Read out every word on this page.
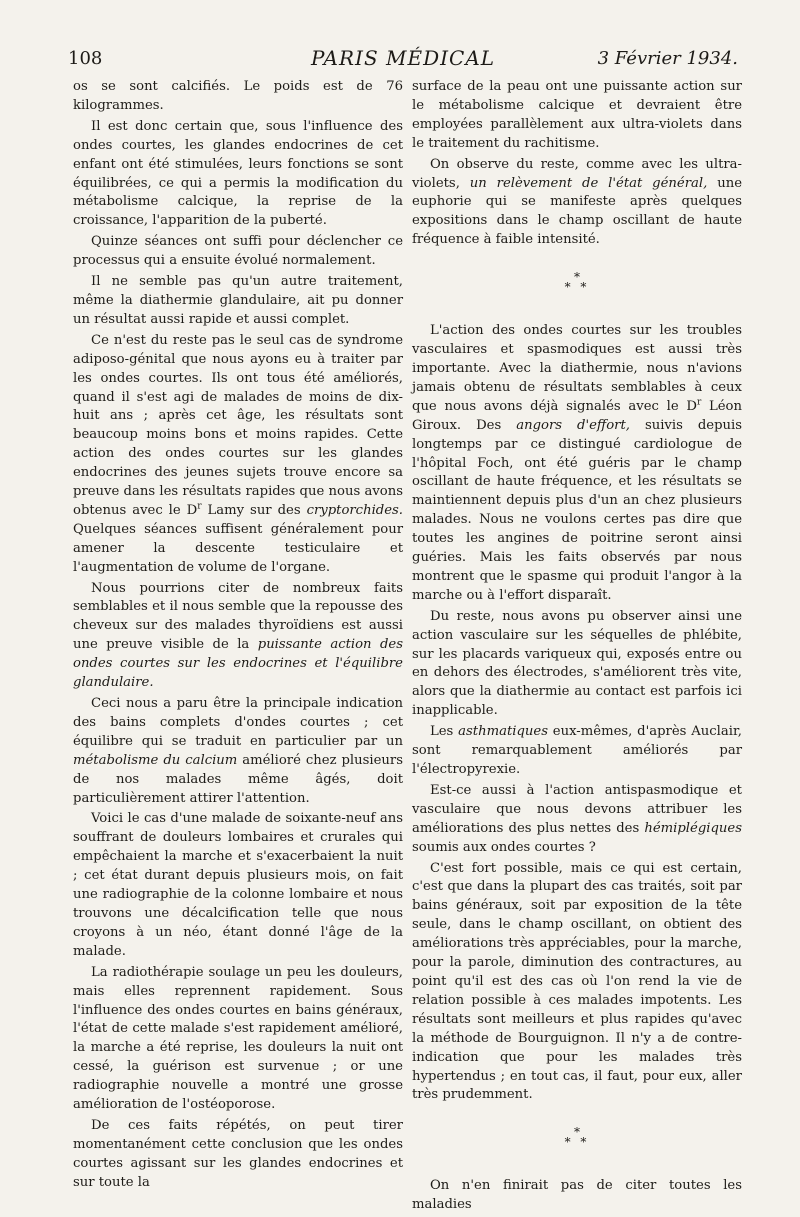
108	PARIS MÉDICAL	3 Février 1934.

os se sont calcifiés. Le poids est de 76 kilogrammes.

Il est donc certain que, sous l'influence des ondes courtes, les glandes endocrines de cet enfant ont été stimulées, leurs fonctions se sont équilibrées, ce qui a permis la modification du métabolisme calcique, la reprise de la croissance, l'apparition de la puberté.

Quinze séances ont suffi pour déclencher ce processus qui a ensuite évolué normalement.

Il ne semble pas qu'un autre traitement, même la diathermie glandulaire, ait pu donner un résultat aussi rapide et aussi complet.

Ce n'est du reste pas le seul cas de syndrome adiposo-génital que nous ayons eu à traiter par les ondes courtes. Ils ont tous été améliorés, quand il s'est agi de malades de moins de dix-huit ans ; après cet âge, les résultats sont beaucoup moins bons et moins rapides. Cette action des ondes courtes sur les glandes endocrines des jeunes sujets trouve encore sa preuve dans les résultats rapides que nous avons obtenus avec le $D^r$ Lamy sur des cryptorchides. Quelques séances suffisent généralement pour amener la descente testiculaire et l'augmentation de volume de l'organe.

Nous pourrions citer de nombreux faits semblables et il nous semble que la repousse des cheveux sur des malades thyroïdiens est aussi une preuve visible de la puissante action des ondes courtes sur les endocrines et l'équilibre glandulaire.

Ceci nous a paru être la principale indication des bains complets d'ondes courtes ; cet équilibre qui se traduit en particulier par un métabolisme du calcium amélioré chez plusieurs de nos malades même âgés, doit particulièrement attirer l'attention.

Voici le cas d'une malade de soixante-neuf ans souffrant de douleurs lombaires et crurales qui empêchaient la marche et s'exacerbaient la nuit ; cet état durant depuis plusieurs mois, on fait une radiographie de la colonne lombaire et nous trouvons une décalcification telle que nous croyons à un néo, étant donné l'âge de la malade.

La radiothérapie soulage un peu les douleurs, mais elles reprennent rapidement. Sous l'influence des ondes courtes en bains généraux, l'état de cette malade s'est rapidement amélioré, la marche a été reprise, les douleurs la nuit ont cessé, la guérison est survenue ; or une radiographie nouvelle a montré une grosse amélioration de l'ostéoporose.

De ces faits répétés, on peut tirer momentanément cette conclusion que les ondes courtes agissant sur les glandes endocrines et sur toute la

surface de la peau ont une puissante action sur le métabolisme calcique et devraient être employées parallèlement aux ultra-violets dans le traitement du rachitisme.

On observe du reste, comme avec les ultra-violets, un relèvement de l'état général, une euphorie qui se manifeste après quelques expositions dans le champ oscillant de haute fréquence à faible intensité.

*
* *

L'action des ondes courtes sur les troubles vasculaires et spasmodiques est aussi très importante. Avec la diathermie, nous n'avions jamais obtenu de résultats semblables à ceux que nous avons déjà signalés avec le $D^r$ Léon Giroux. Des angors d'effort, suivis depuis longtemps par ce distingué cardiologue de l'hôpital Foch, ont été guéris par le champ oscillant de haute fréquence, et les résultats se maintiennent depuis plus d'un an chez plusieurs malades. Nous ne voulons certes pas dire que toutes les angines de poitrine seront ainsi guéries. Mais les faits observés par nous montrent que le spasme qui produit l'angor à la marche ou à l'effort disparaît.

Du reste, nous avons pu observer ainsi une action vasculaire sur les séquelles de phlébite, sur les placards variqueux qui, exposés entre ou en dehors des électrodes, s'améliorent très vite, alors que la diathermie au contact est parfois ici inapplicable.

Les asthmatiques eux-mêmes, d'après Auclair, sont remarquablement améliorés par l'électropyrexie.

Est-ce aussi à l'action antispasmodique et vasculaire que nous devons attribuer les améliorations des plus nettes des hémiplégiques soumis aux ondes courtes ?

C'est fort possible, mais ce qui est certain, c'est que dans la plupart des cas traités, soit par bains généraux, soit par exposition de la tête seule, dans le champ oscillant, on obtient des améliorations très appréciables, pour la marche, pour la parole, diminution des contractures, au point qu'il est des cas où l'on rend la vie de relation possible à ces malades impotents. Les résultats sont meilleurs et plus rapides qu'avec la méthode de Bourguignon. Il n'y a de contre-indication que pour les malades très hypertendus ; en tout cas, il faut, pour eux, aller très prudemment.

*
* *

On n'en finirait pas de citer toutes les maladies
